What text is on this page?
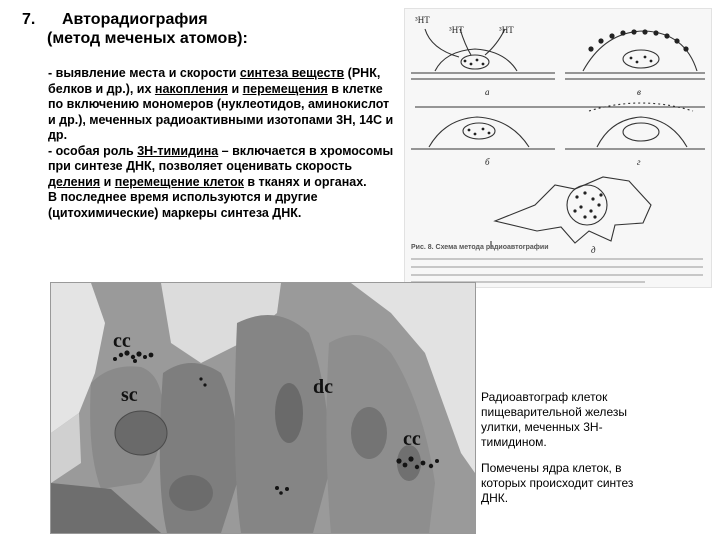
7. Авторадиография
(метод меченых атомов):

- выявление места и скорости синтеза веществ (РНК, белков и др.), их накопления и перемещения в клетке по включению мономеров (нуклеотидов, аминокислот и др.), меченных радиоактивными изотопами 3Н, 14С и др.

- особая роль 3Н-тимидина – включается в хромосомы при синтезе ДНК, позволяет оценивать скорость деления и перемещение клеток в тканях и органах.

В последнее время используются и другие (цитохимические) маркеры синтеза ДНК.

³НТ
³НТ	³НТ
а	в
б	г
д
Рис. 8. Схема метода радиоавтографии
cc
sc	dc
cc
Радиоавтограф клеток пищеварительной железы улитки, меченных 3Н-тимидином.
Помечены ядра клеток, в которых происходит синтез ДНК.
